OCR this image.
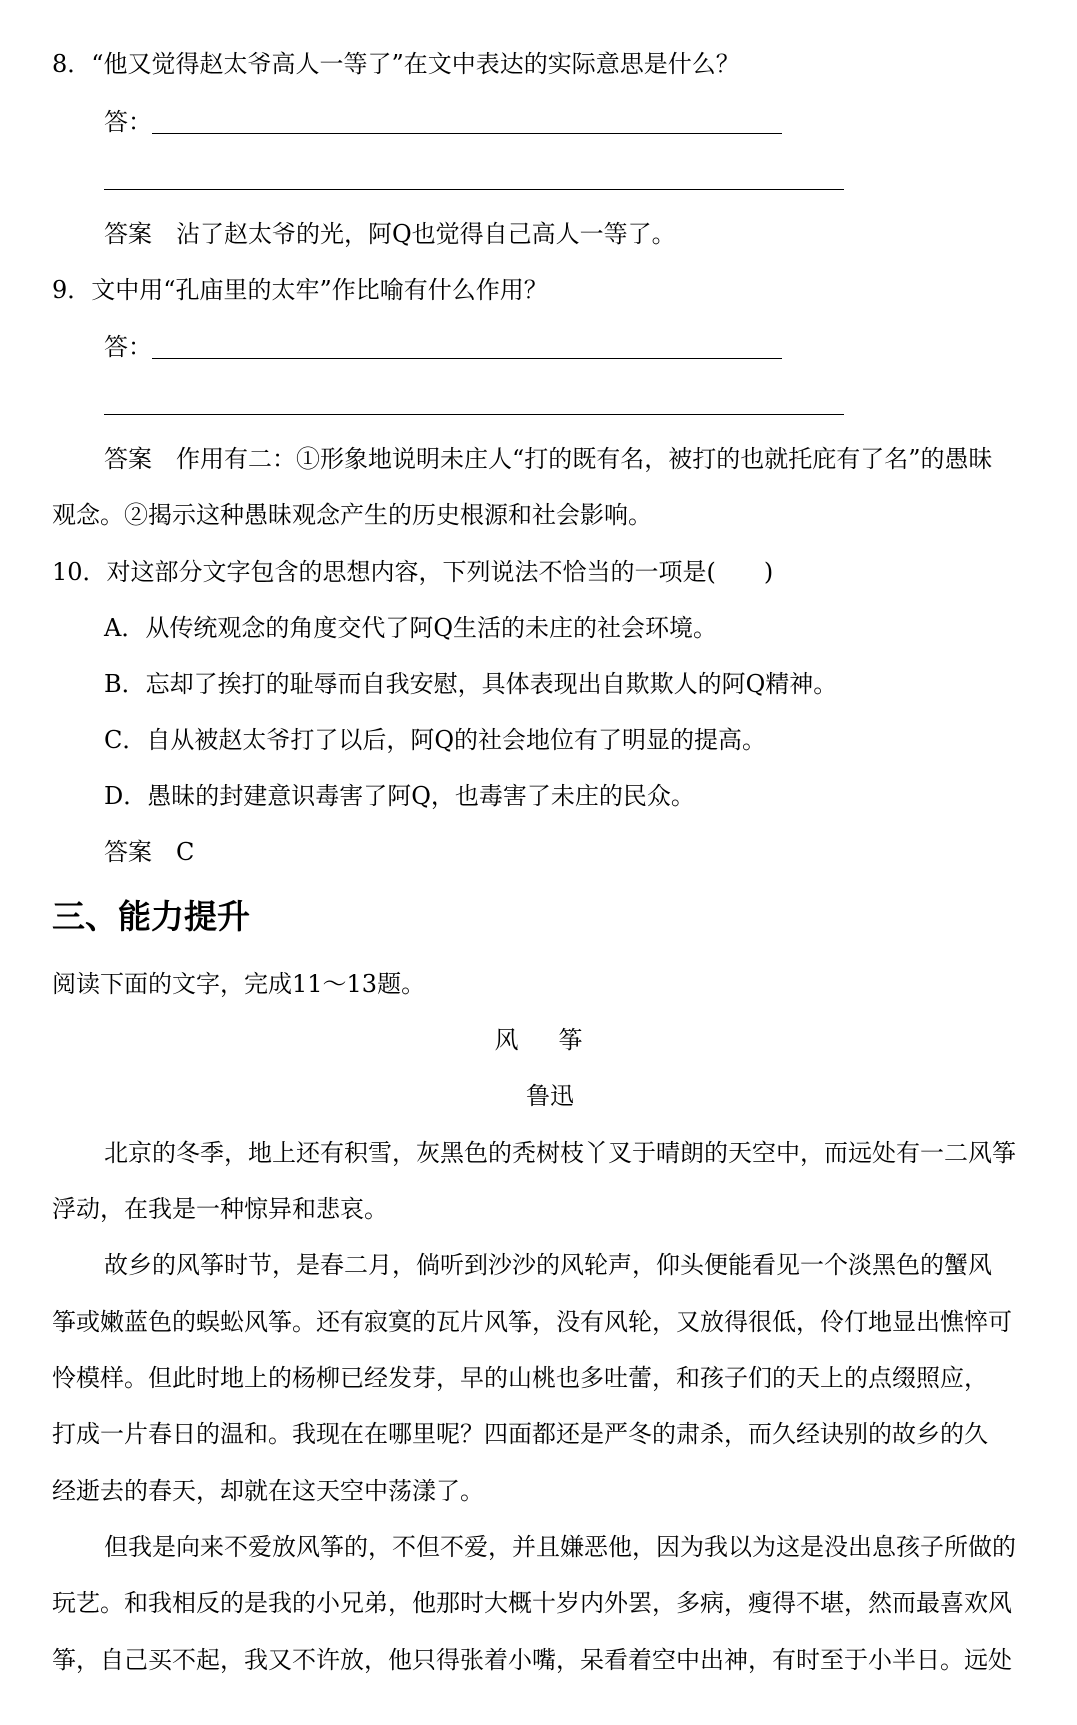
8．“他又觉得赵太爷高人一等了”在文中表达的实际意思是什么？
答：
答案 沾了赵太爷的光，阿Q也觉得自己高人一等了。
9．文中用“孔庙里的太牢”作比喻有什么作用？
答：
答案 作用有二：①形象地说明未庄人“打的既有名，被打的也就托庇有了名”的愚昧
观念。②揭示这种愚昧观念产生的历史根源和社会影响。
10．对这部分文字包含的思想内容，下列说法不恰当的一项是(　　)
A．从传统观念的角度交代了阿Q生活的未庄的社会环境。
B．忘却了挨打的耻辱而自我安慰，具体表现出自欺欺人的阿Q精神。
C．自从被赵太爷打了以后，阿Q的社会地位有了明显的提高。
D．愚昧的封建意识毒害了阿Q，也毒害了未庄的民众。
答案 C
三、能力提升
阅读下面的文字，完成11～13题。
风 筝
鲁迅
北京的冬季，地上还有积雪，灰黑色的秃树枝丫叉于晴朗的天空中，而远处有一二风筝
浮动，在我是一种惊异和悲哀。
故乡的风筝时节，是春二月，倘听到沙沙的风轮声，仰头便能看见一个淡黑色的蟹风
筝或嫩蓝色的蜈蚣风筝。还有寂寞的瓦片风筝，没有风轮，又放得很低，伶仃地显出憔悴可
怜模样。但此时地上的杨柳已经发芽，早的山桃也多吐蕾，和孩子们的天上的点缀照应，
打成一片春日的温和。我现在在哪里呢？四面都还是严冬的肃杀，而久经诀别的故乡的久
经逝去的春天，却就在这天空中荡漾了。
但我是向来不爱放风筝的，不但不爱，并且嫌恶他，因为我以为这是没出息孩子所做的
玩艺。和我相反的是我的小兄弟，他那时大概十岁内外罢，多病，瘦得不堪，然而最喜欢风
筝，自己买不起，我又不许放，他只得张着小嘴，呆看着空中出神，有时至于小半日。远处
